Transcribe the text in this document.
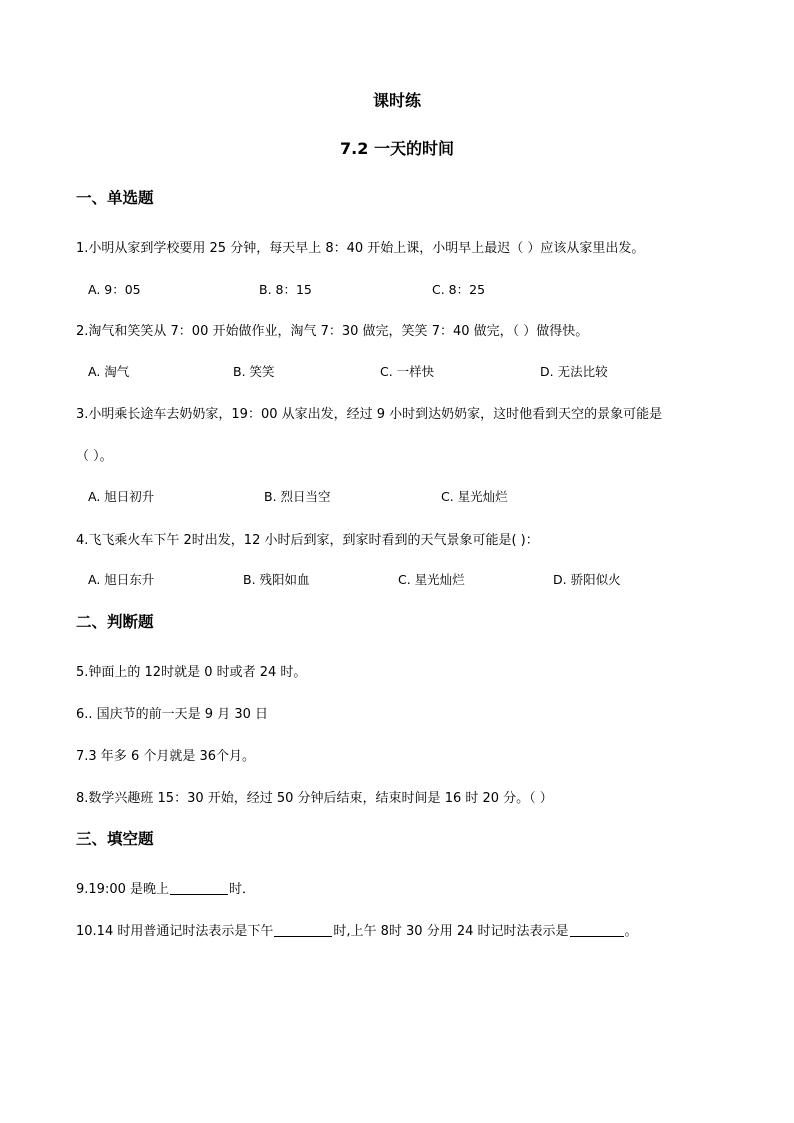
课时练
7.2 一天的时间
一、单选题
1.小明从家到学校要用 25 分钟，每天早上 8：40 开始上课，小明早上最迟（ ）应该从家里出发。
A. 9：05	B. 8：15	C. 8：25
2.淘气和笑笑从 7：00 开始做作业，淘气 7：30 做完，笑笑 7：40 做完，（ ）做得快。
A. 淘气	B. 笑笑	C. 一样快	D. 无法比较
3.小明乘长途车去奶奶家，19：00 从家出发，经过 9 小时到达奶奶家，这时他看到天空的景象可能是
（ ）。
A. 旭日初升	B. 烈日当空	C. 星光灿烂
4.飞飞乘火车下午 2时出发，12 小时后到家，到家时看到的天气景象可能是( )：
A. 旭日东升	B. 残阳如血	C. 星光灿烂	D. 骄阳似火
二、判断题
5.钟面上的 12时就是 0 时或者 24 时。
6.. 国庆节的前一天是 9 月 30 日
7.3 年多 6 个月就是 36个月。
8.数学兴趣班 15：30 开始，经过 50 分钟后结束，结束时间是 16 时 20 分。（ ）
三、填空题
9.19:00 是晚上	时．
10.14 时用普通记时法表示是下午	时,上午 8时 30 分用 24 时记时法表示是	。
